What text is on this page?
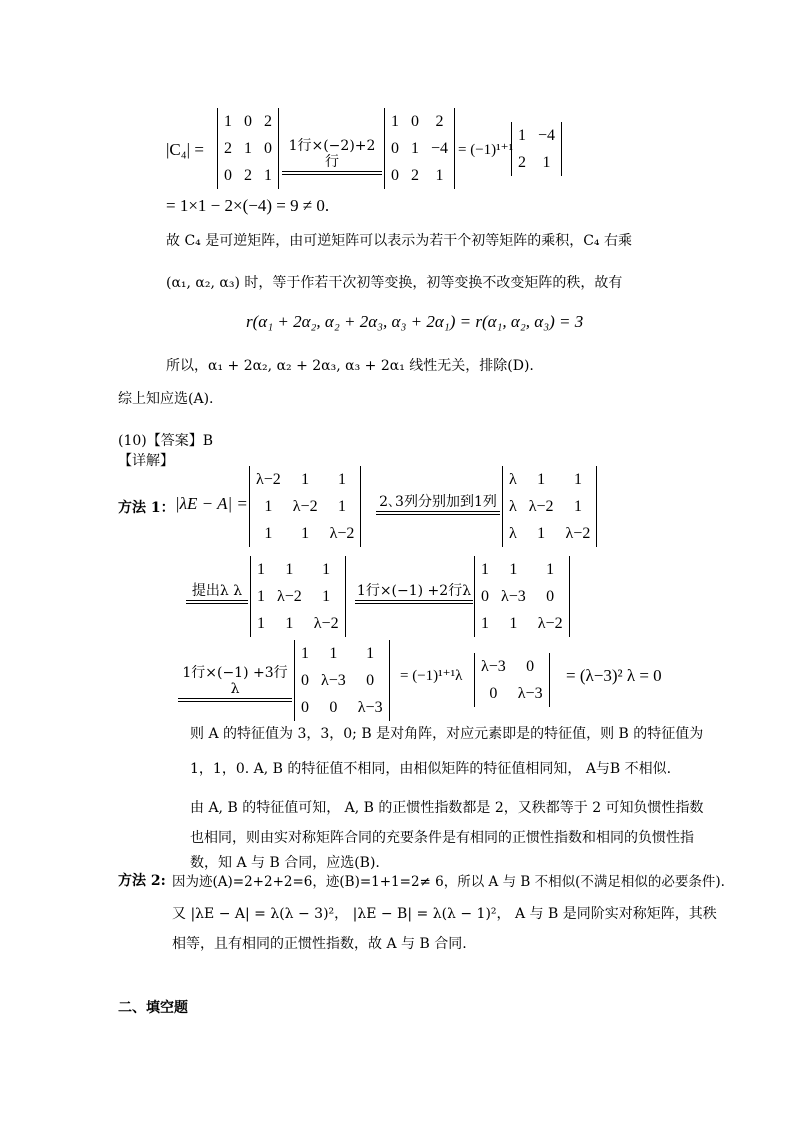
|C₄| =
1	0	2
2	1	0
0	2	1
1行×(−2)+2行
1	0	2
0	1	−4
0	2	1
= (−1)¹⁺¹
1	−4
2	1
= 1×1 − 2×(−4) = 9 ≠ 0.
故 C₄ 是可逆矩阵，由可逆矩阵可以表示为若干个初等矩阵的乘积，C₄ 右乘
(α₁, α₂, α₃) 时，等于作若干次初等变换，初等变换不改变矩阵的秩，故有
r(α₁ + 2α₂, α₂ + 2α₃, α₃ + 2α₁) = r(α₁, α₂, α₃) = 3
所以，α₁ + 2α₂, α₂ + 2α₃, α₃ + 2α₁ 线性无关，排除(D).
综上知应选(A).
(10)【答案】B
【详解】
方法 1： |λE − A| =
λ−2	1	1
1	λ−2	1
1	1	λ−2
2､3列分别加到1列
λ	1	1
λ	λ−2	1
λ	1	λ−2
提出λ λ
1	1	1
1	λ−2	1
1	1	λ−2
1行×(−1) +2行λ
1	1	1
0	λ−3	0
1	1	λ−2
1行×(−1) +3行λ
1	1	1
0	λ−3	0
0	0	λ−3
= (−1)¹⁺¹λ
λ−3	0
0	λ−3
= (λ−3)² λ = 0
则 A 的特征值为 3，3，0; B 是对角阵，对应元素即是的特征值，则 B 的特征值为
1，1，0. A, B 的特征值不相同，由相似矩阵的特征值相同知， A与B 不相似.
由 A, B 的特征值可知， A, B 的正惯性指数都是 2，又秩都等于 2 可知负惯性指数
也相同，则由实对称矩阵合同的充要条件是有相同的正惯性指数和相同的负惯性指
数，知 A 与 B 合同，应选(B).
方法 2: 因为迹(A)=2+2+2=6，迹(B)=1+1=2≠ 6，所以 A 与 B 不相似(不满足相似的必要条件).
又 |λE − A| = λ(λ − 3)²， |λE − B| = λ(λ − 1)²， A 与 B 是同阶实对称矩阵，其秩
相等，且有相同的正惯性指数，故 A 与 B 合同.
二、填空题
